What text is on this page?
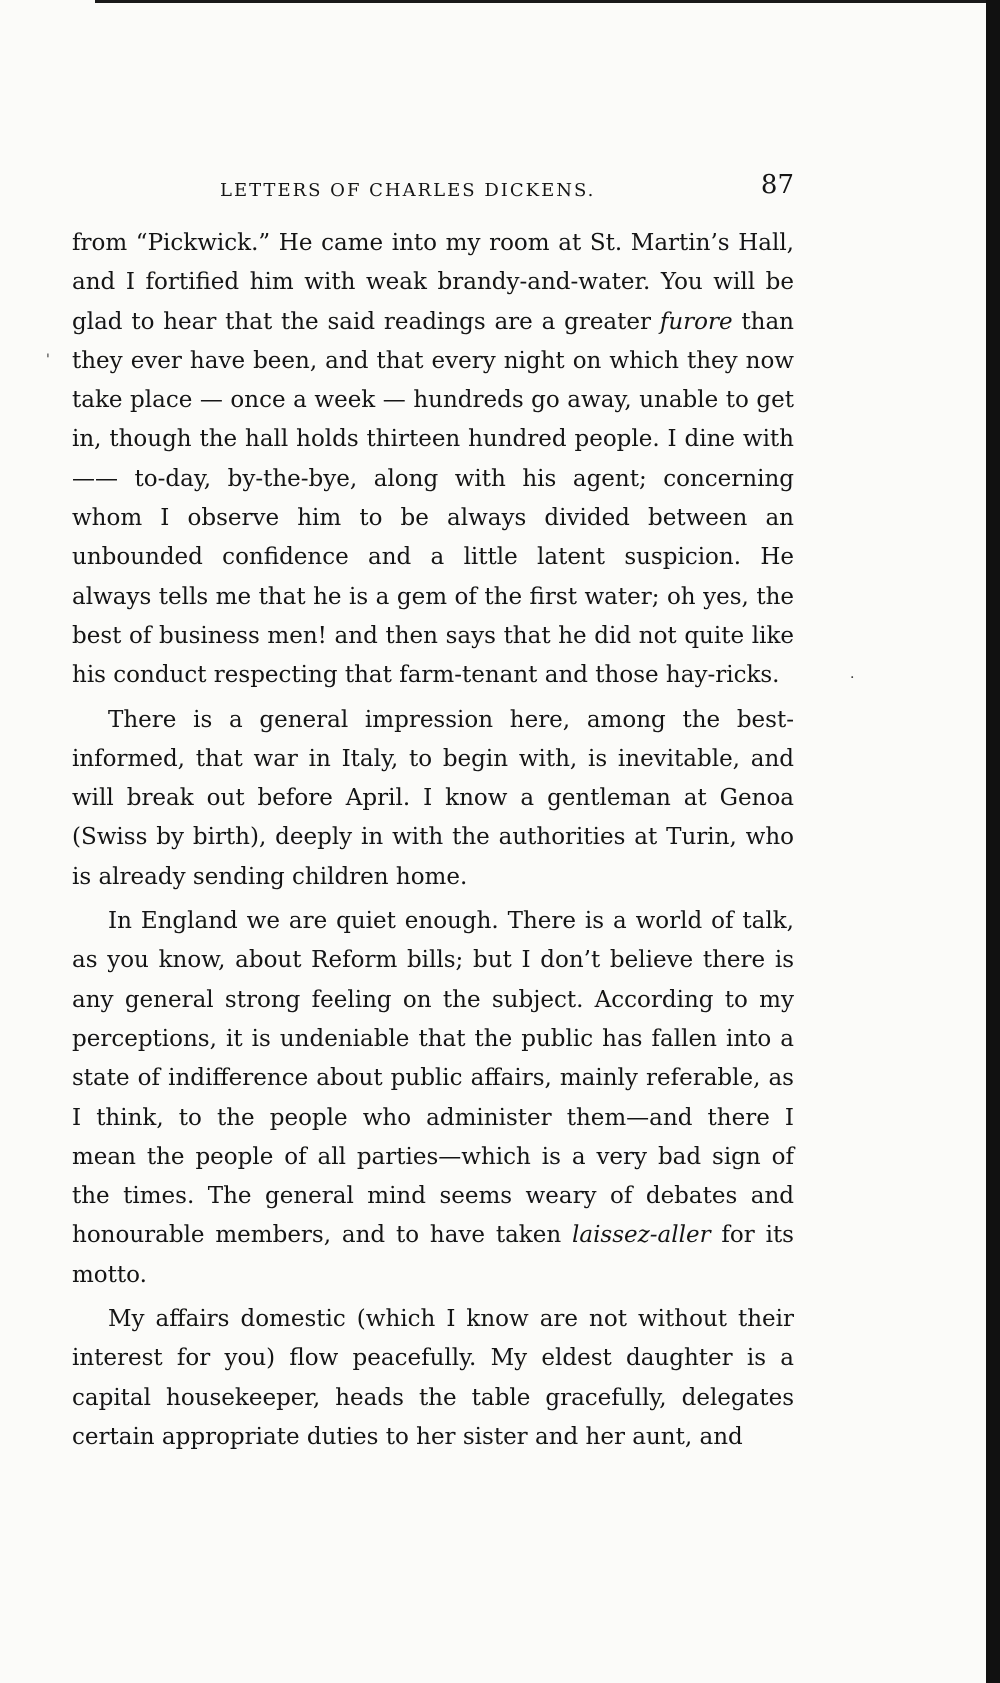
LETTERS OF CHARLES DICKENS.	87
'
·

from “Pickwick.” He came into my room at St. Martin’s Hall, and I fortified him with weak brandy-and-water. You will be glad to hear that the said readings are a greater furore than they ever have been, and that every night on which they now take place — once a week — hundreds go away, unable to get in, though the hall holds thirteen hundred people. I dine with —— to-day, by-the-bye, along with his agent; concerning whom I observe him to be always divided between an unbounded confidence and a little latent suspicion. He always tells me that he is a gem of the first water; oh yes, the best of business men! and then says that he did not quite like his conduct respecting that farm-tenant and those hay-ricks.

There is a general impression here, among the best-informed, that war in Italy, to begin with, is inevitable, and will break out before April. I know a gentleman at Genoa (Swiss by birth), deeply in with the authorities at Turin, who is already sending children home.

In England we are quiet enough. There is a world of talk, as you know, about Reform bills; but I don’t believe there is any general strong feeling on the subject. According to my perceptions, it is undeniable that the public has fallen into a state of indifference about public affairs, mainly referable, as I think, to the people who administer them—and there I mean the people of all parties—which is a very bad sign of the times. The general mind seems weary of debates and honourable members, and to have taken laissez-aller for its motto.

My affairs domestic (which I know are not without their interest for you) flow peacefully. My eldest daughter is a capital housekeeper, heads the table gracefully, delegates certain appropriate duties to her sister and her aunt, and
